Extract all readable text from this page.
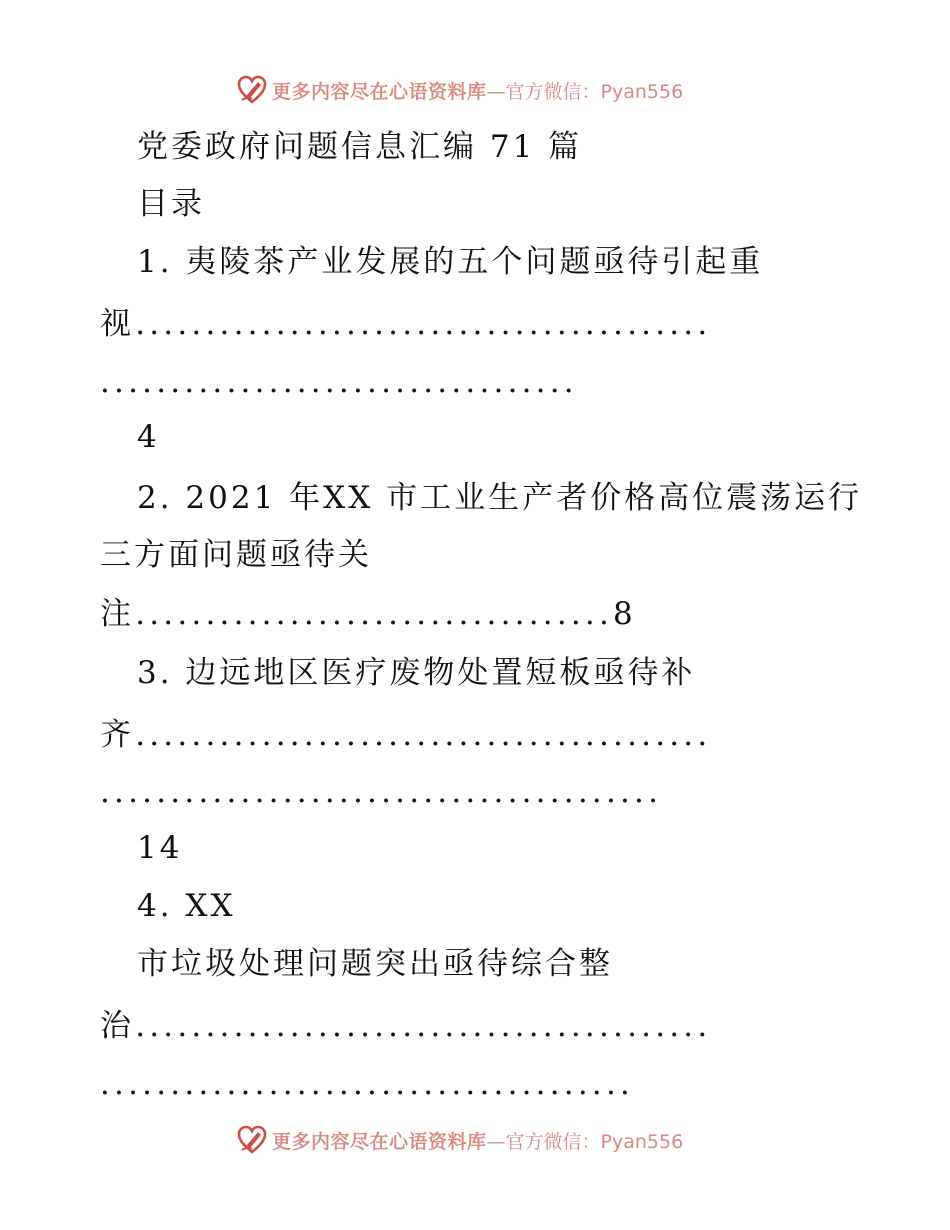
更多内容尽在心语资料库 —官方微信：Pyan556
党委政府问题信息汇编 71 篇
目录
1. 夷陵茶产业发展的五个问题亟待引起重
视.........................................
..................................
4
2. 2021 年XX 市工业生产者价格高位震荡运行
三方面问题亟待关
注..................................8
3. 边远地区医疗废物处置短板亟待补
齐.........................................
........................................
14
4. XX
市垃圾处理问题突出亟待综合整
治.........................................
......................................
更多内容尽在心语资料库 —官方微信：Pyan556
